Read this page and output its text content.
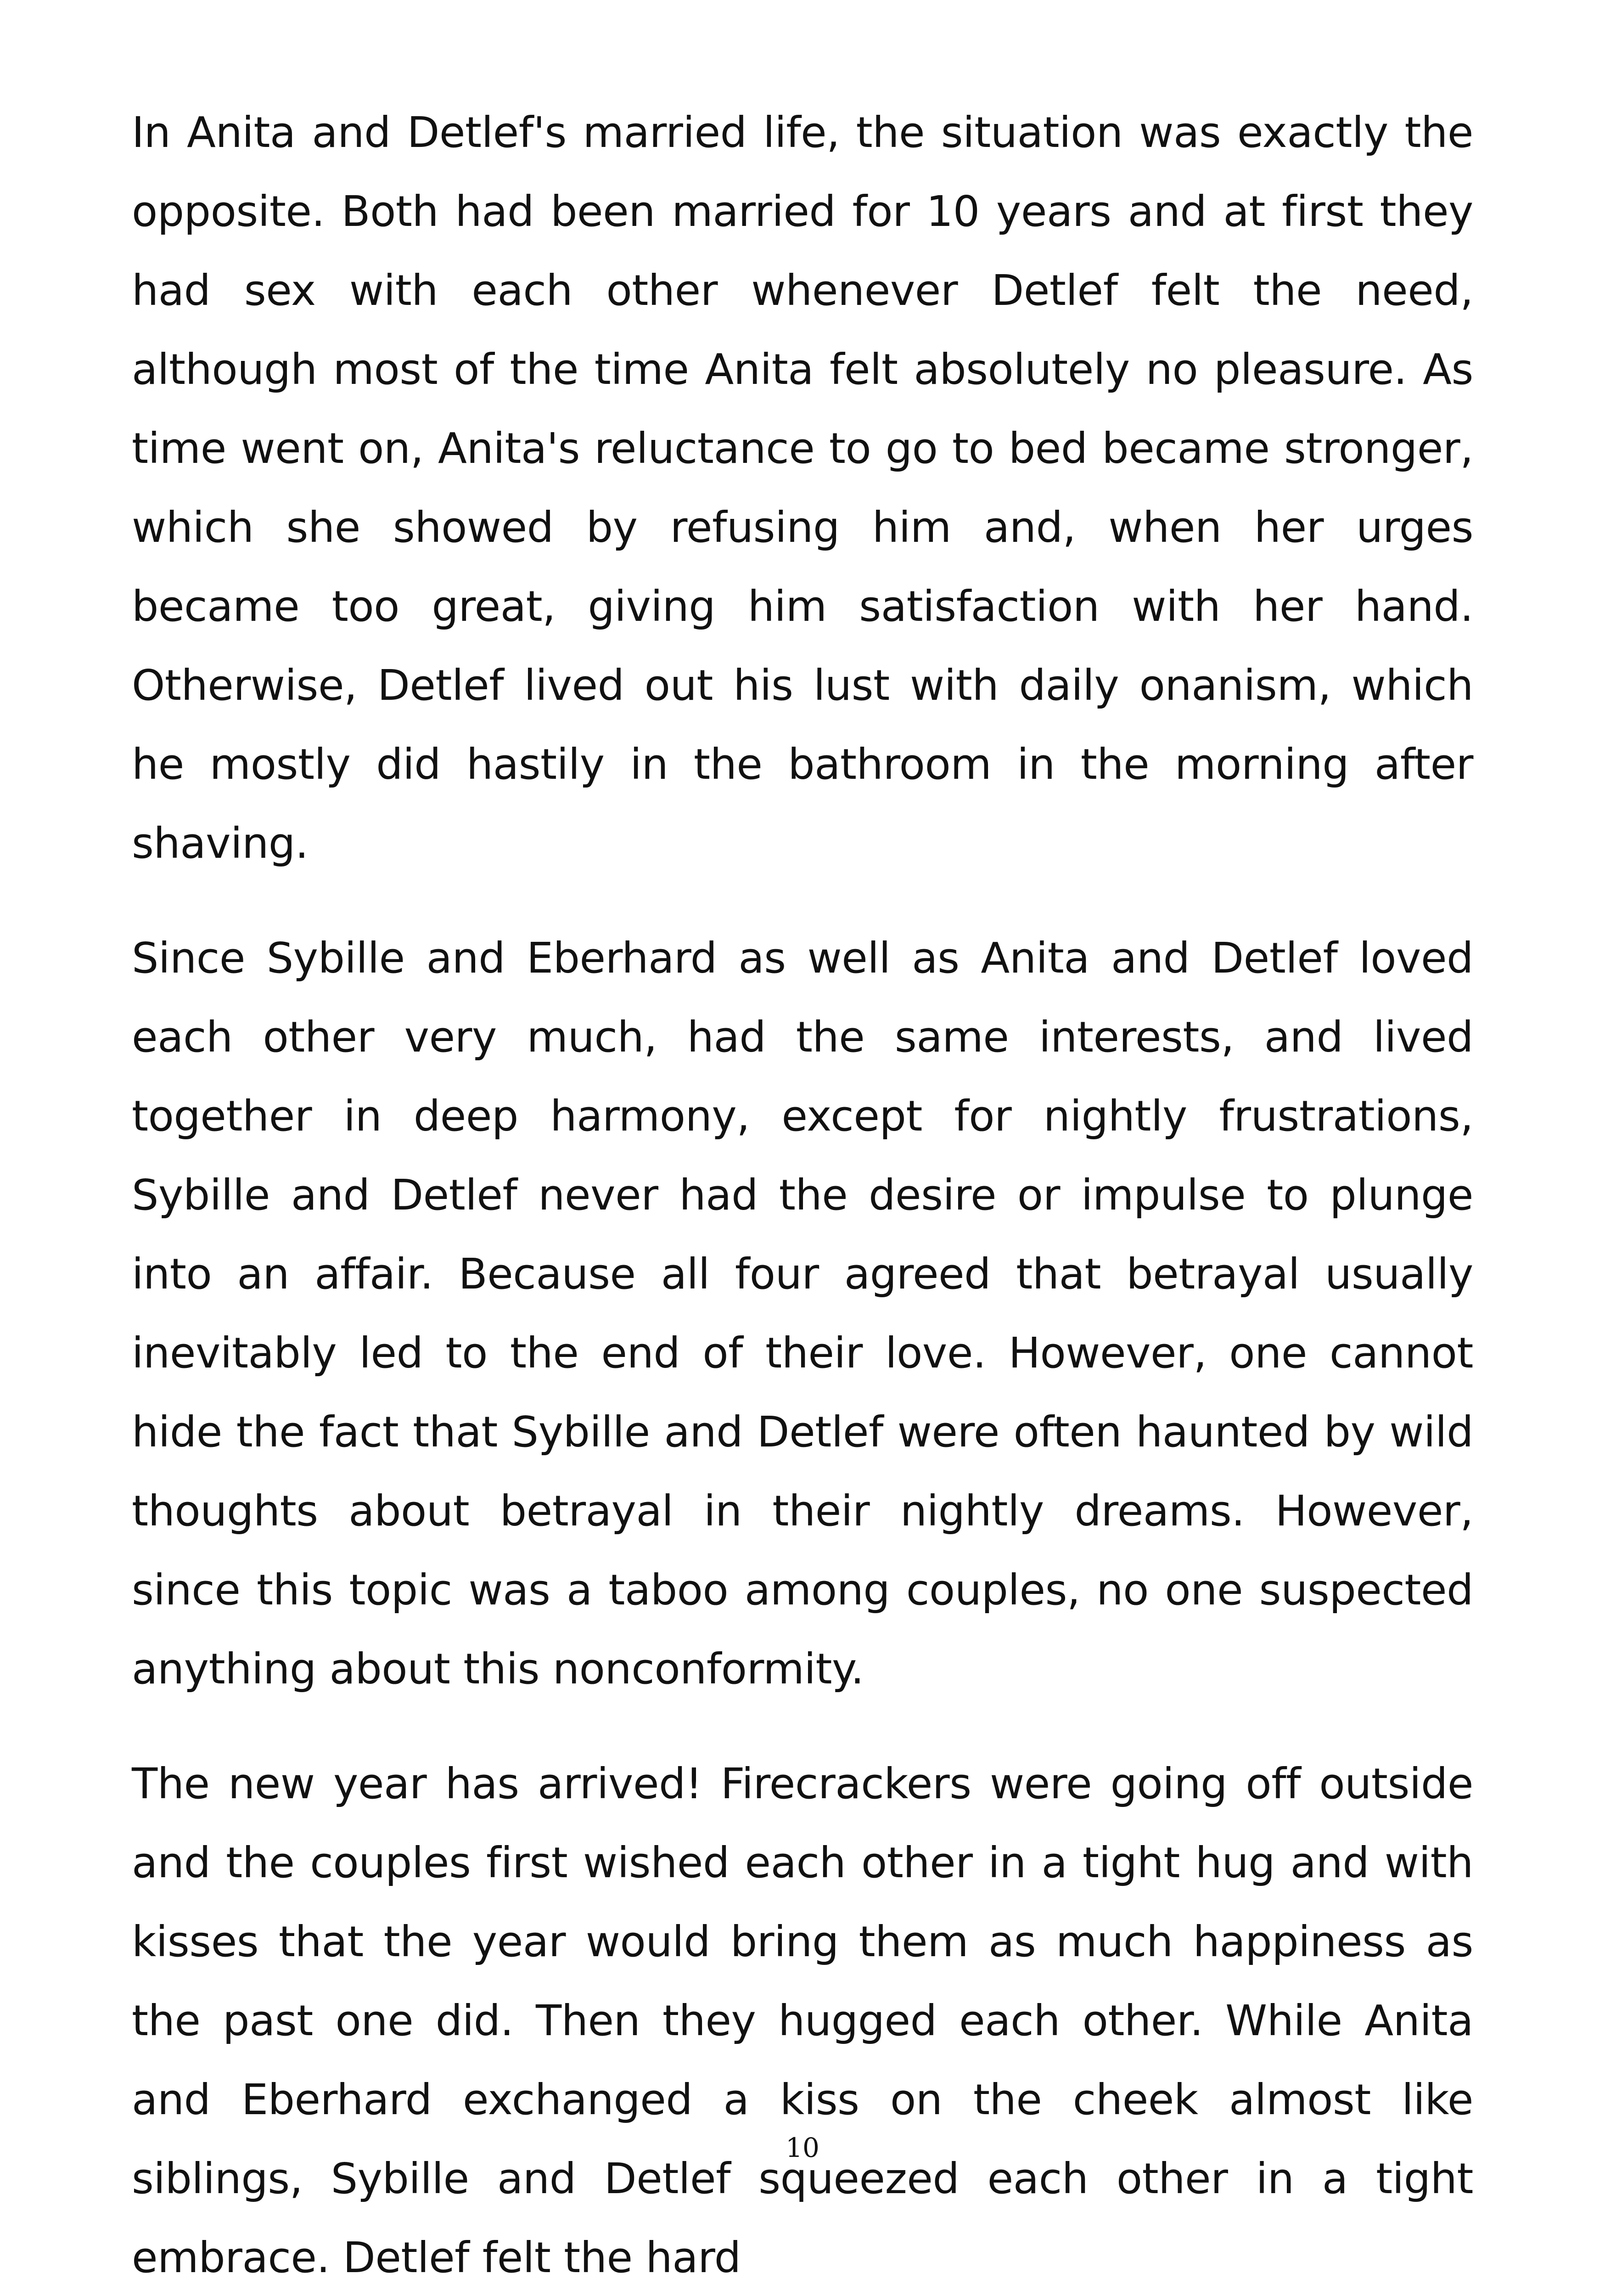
In Anita and Detlef's married life, the situation was exactly the opposite. Both had been married for 10 years and at first they had sex with each other whenever Detlef felt the need, although most of the time Anita felt absolutely no pleasure. As time went on, Anita's reluctance to go to bed became stronger, which she showed by refusing him and, when her urges became too great, giving him satisfaction with her hand. Otherwise, Detlef lived out his lust with daily onanism, which he mostly did hastily in the bathroom in the morning after shaving.

Since Sybille and Eberhard as well as Anita and Detlef loved each other very much, had the same interests, and lived together in deep harmony, except for nightly frustrations, Sybille and Detlef never had the desire or impulse to plunge into an affair. Because all four agreed that betrayal usually inevitably led to the end of their love. However, one cannot hide the fact that Sybille and Detlef were often haunted by wild thoughts about betrayal in their nightly dreams. However, since this topic was a taboo among couples, no one suspected anything about this nonconformity.

The new year has arrived! Firecrackers were going off outside and the couples first wished each other in a tight hug and with kisses that the year would bring them as much happiness as the past one did. Then they hugged each other. While Anita and Eberhard exchanged a kiss on the cheek almost like siblings, Sybille and Detlef squeezed each other in a tight embrace. Detlef felt the hard

10
